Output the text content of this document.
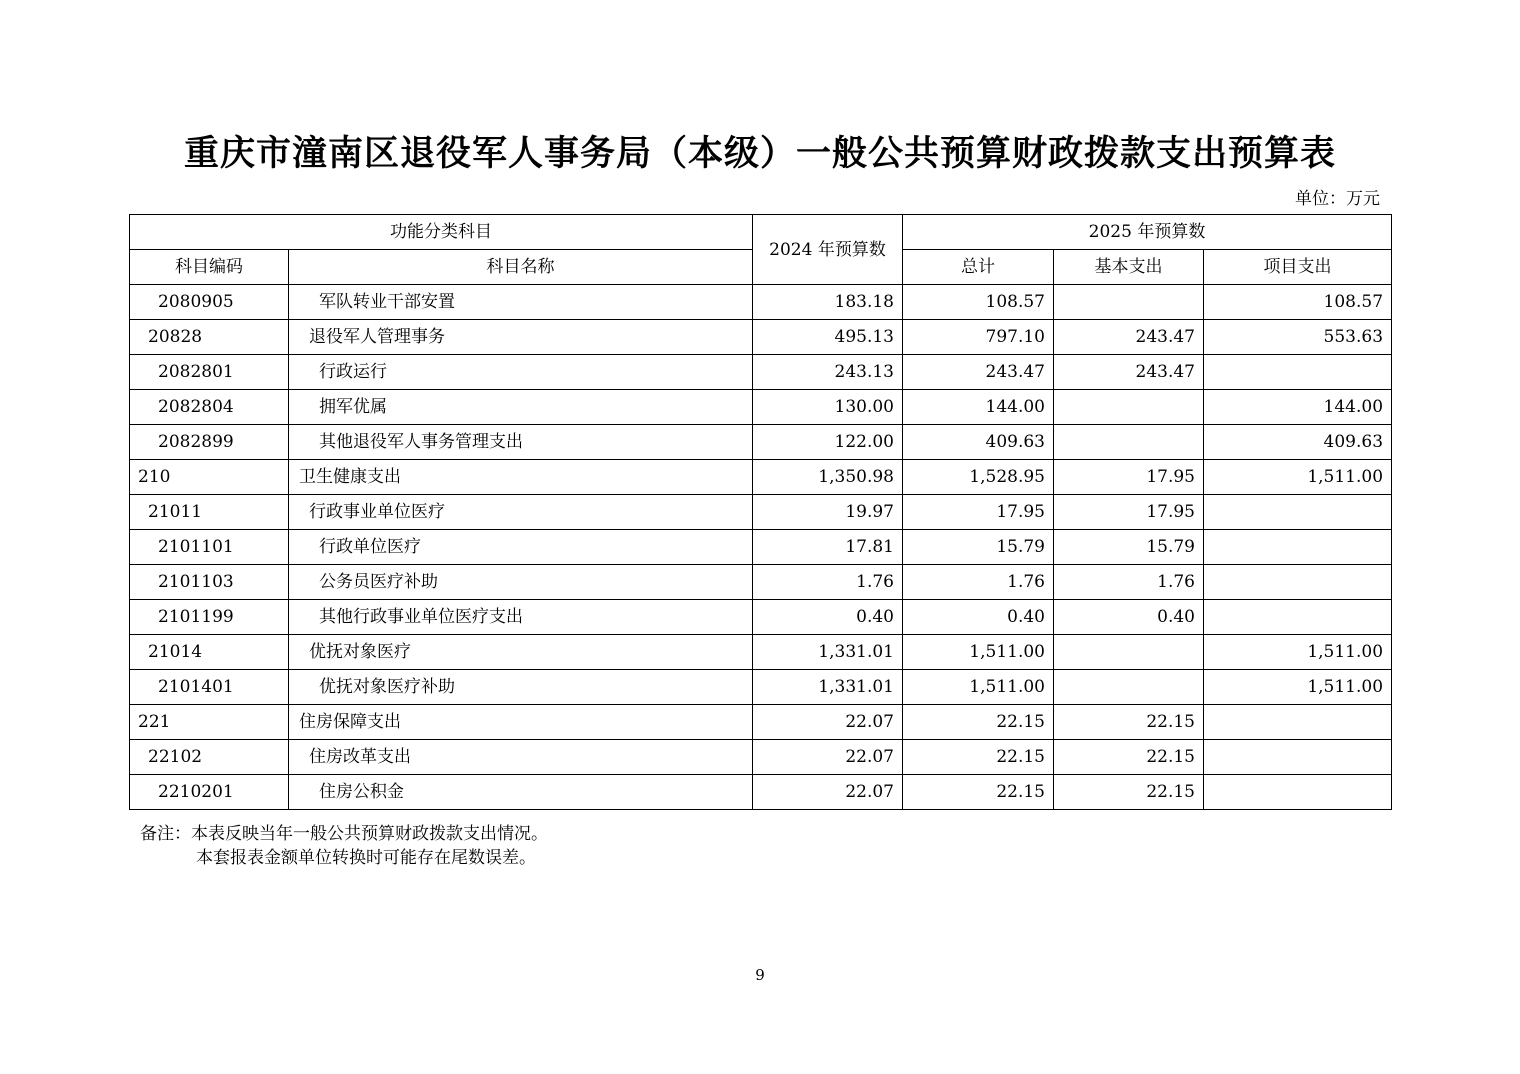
重庆市潼南区退役军人事务局（本级）一般公共预算财政拨款支出预算表
单位：万元
功能分类科目		2024 年预算数	2025 年预算数		
科目编码	科目名称		总计	基本支出	项目支出
2080905	军队转业干部安置	183.18	108.57		108.57
20828	退役军人管理事务	495.13	797.10	243.47	553.63
2082801	行政运行	243.13	243.47	243.47	
2082804	拥军优属	130.00	144.00		144.00
2082899	其他退役军人事务管理支出	122.00	409.63		409.63
210	卫生健康支出	1,350.98	1,528.95	17.95	1,511.00
21011	行政事业单位医疗	19.97	17.95	17.95	
2101101	行政单位医疗	17.81	15.79	15.79	
2101103	公务员医疗补助	1.76	1.76	1.76	
2101199	其他行政事业单位医疗支出	0.40	0.40	0.40	
21014	优抚对象医疗	1,331.01	1,511.00		1,511.00
2101401	优抚对象医疗补助	1,331.01	1,511.00		1,511.00
221	住房保障支出	22.07	22.15	22.15	
22102	住房改革支出	22.07	22.15	22.15	
2210201	住房公积金	22.07	22.15	22.15	
备注：本表反映当年一般公共预算财政拨款支出情况。
本套报表金额单位转换时可能存在尾数误差。
9
